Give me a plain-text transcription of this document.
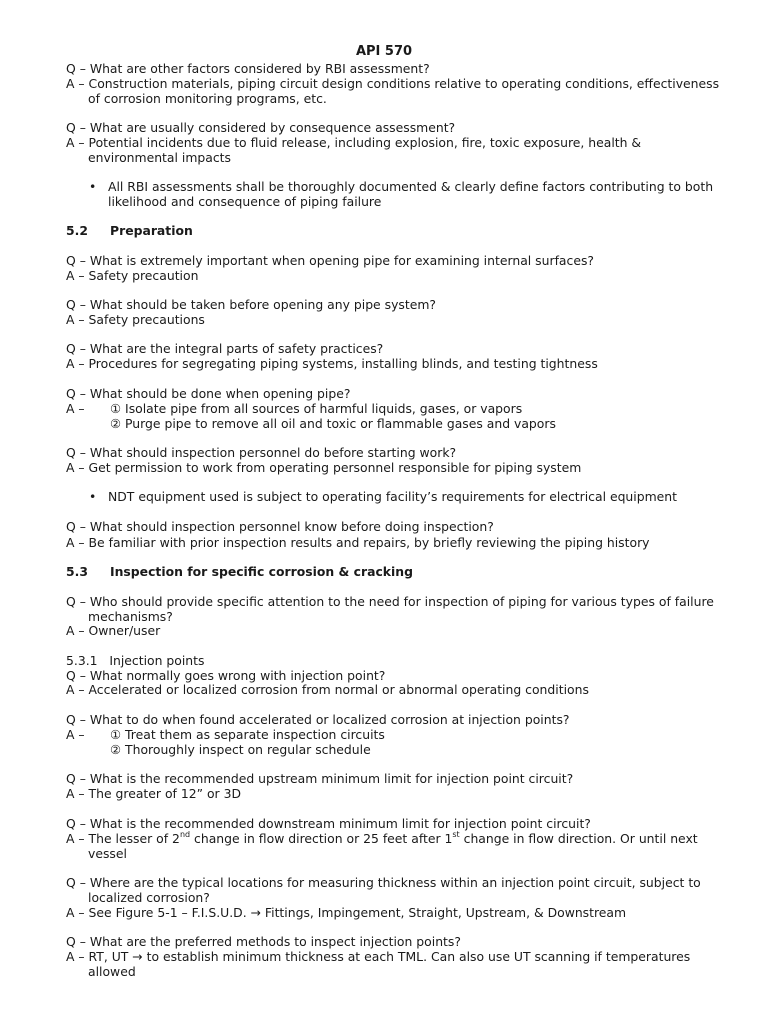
API 570
Q – What are other factors considered by RBI assessment?
A – Construction materials, piping circuit design conditions relative to operating conditions, effectiveness
of corrosion monitoring programs, etc.
Q – What are usually considered by consequence assessment?
A – Potential incidents due to fluid release, including explosion, fire, toxic exposure, health &
environmental impacts
• All RBI assessments shall be thoroughly documented & clearly define factors contributing to both
likelihood and consequence of piping failure
5.2 Preparation
Q – What is extremely important when opening pipe for examining internal surfaces?
A – Safety precaution
Q – What should be taken before opening any pipe system?
A – Safety precautions
Q – What are the integral parts of safety practices?
A – Procedures for segregating piping systems, installing blinds, and testing tightness
Q – What should be done when opening pipe?
A – ① Isolate pipe from all sources of harmful liquids, gases, or vapors
② Purge pipe to remove all oil and toxic or flammable gases and vapors
Q – What should inspection personnel do before starting work?
A – Get permission to work from operating personnel responsible for piping system
• NDT equipment used is subject to operating facility’s requirements for electrical equipment
Q – What should inspection personnel know before doing inspection?
A – Be familiar with prior inspection results and repairs, by briefly reviewing the piping history
5.3 Inspection for specific corrosion & cracking
Q – Who should provide specific attention to the need for inspection of piping for various types of failure
mechanisms?
A – Owner/user
5.3.1   Injection points
Q – What normally goes wrong with injection point?
A – Accelerated or localized corrosion from normal or abnormal operating conditions
Q – What to do when found accelerated or localized corrosion at injection points?
A – ① Treat them as separate inspection circuits
② Thoroughly inspect on regular schedule
Q – What is the recommended upstream minimum limit for injection point circuit?
A – The greater of 12” or 3D
Q – What is the recommended downstream minimum limit for injection point circuit?
A – The lesser of 2nd change in flow direction or 25 feet after 1st change in flow direction. Or until next
vessel
Q – Where are the typical locations for measuring thickness within an injection point circuit, subject to
localized corrosion?
A – See Figure 5-1 – F.I.S.U.D. → Fittings, Impingement, Straight, Upstream, & Downstream
Q – What are the preferred methods to inspect injection points?
A – RT, UT → to establish minimum thickness at each TML. Can also use UT scanning if temperatures
allowed
